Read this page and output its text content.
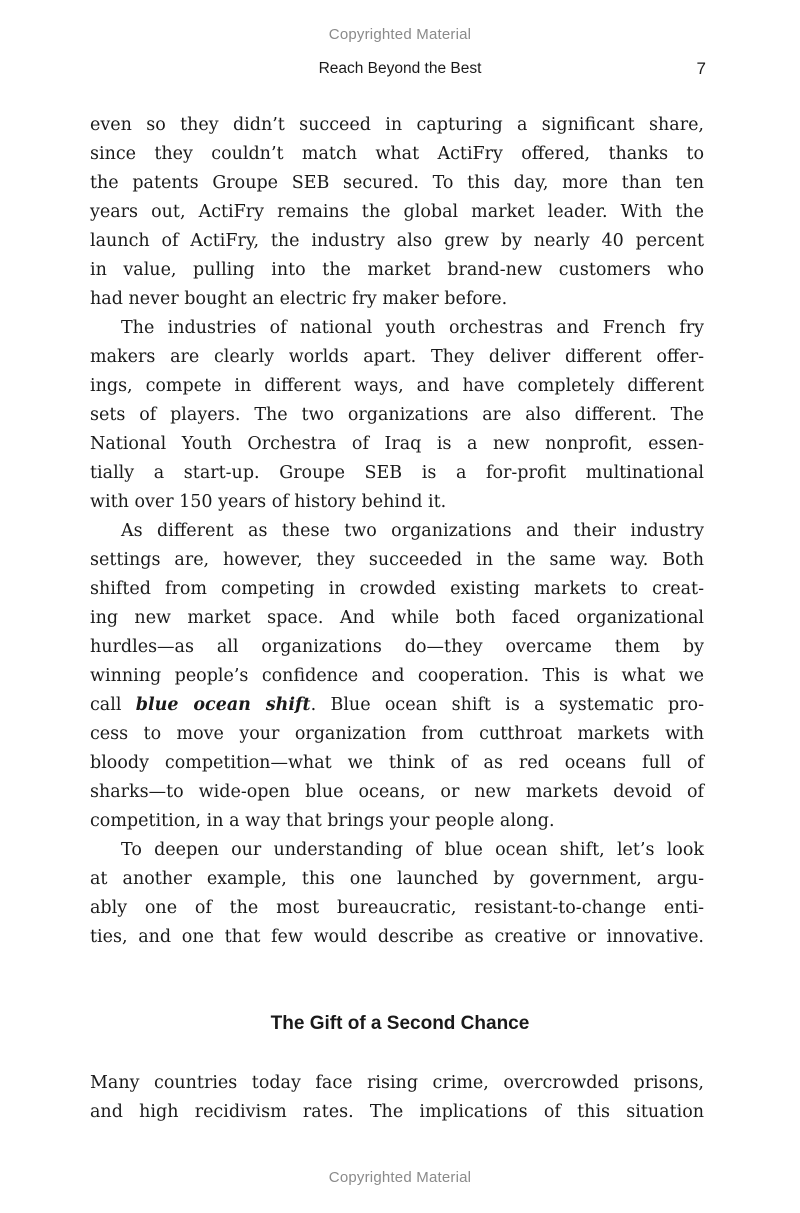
Copyrighted Material
Reach Beyond the Best	7

even so they didn’t succeed in capturing a significant share,
since they couldn’t match what ActiFry offered, thanks to
the patents Groupe SEB secured. To this day, more than ten
years out, ActiFry remains the global market leader. With the
launch of ActiFry, the industry also grew by nearly 40 percent
in value, pulling into the market brand-new customers who
had never bought an electric fry maker before.

The industries of national youth orchestras and French fry
makers are clearly worlds apart. They deliver different offer-
ings, compete in different ways, and have completely different
sets of players. The two organizations are also different. The
National Youth Orchestra of Iraq is a new nonprofit, essen-
tially a start-up. Groupe SEB is a for-profit multinational
with over 150 years of history behind it.

As different as these two organizations and their industry
settings are, however, they succeeded in the same way. Both
shifted from competing in crowded existing markets to creat-
ing new market space. And while both faced organizational
hurdles—as all organizations do—they overcame them by
winning people’s confidence and cooperation. This is what we
call blue ocean shift. Blue ocean shift is a systematic pro-
cess to move your organization from cutthroat markets with
bloody competition—what we think of as red oceans full of
sharks—to wide-open blue oceans, or new markets devoid of
competition, in a way that brings your people along.

To deepen our understanding of blue ocean shift, let’s look
at another example, this one launched by government, argu-
ably one of the most bureaucratic, resistant-to-change enti-
ties, and one that few would describe as creative or innovative.

The Gift of a Second Chance

Many countries today face rising crime, overcrowded prisons,
and high recidivism rates. The implications of this situation

Copyrighted Material
